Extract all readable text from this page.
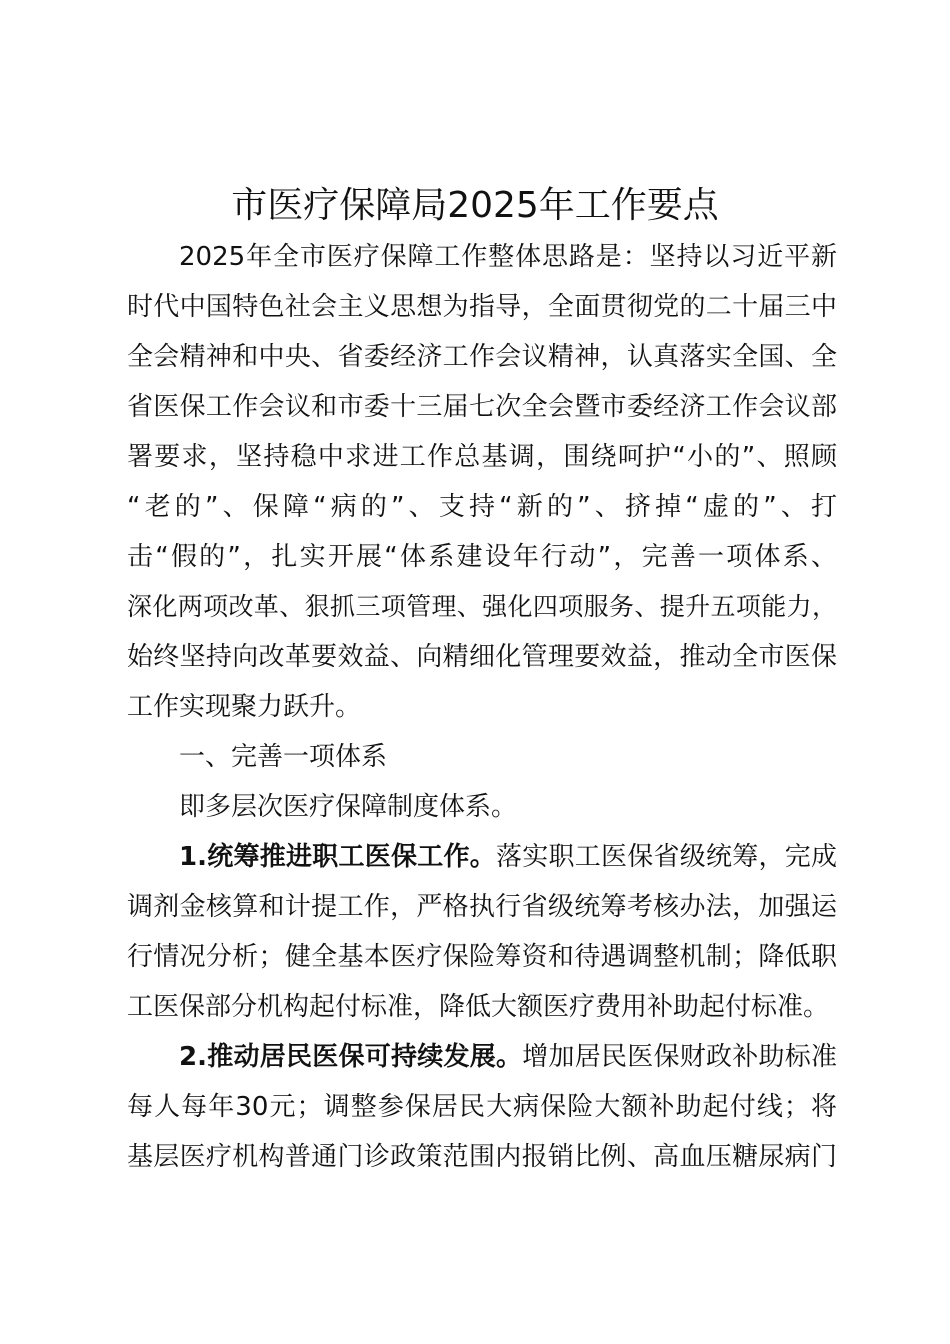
市医疗保障局2025年工作要点
2025年全市医疗保障工作整体思路是：坚持以习近平新
时代中国特色社会主义思想为指导，全面贯彻党的二十届三中
全会精神和中央、省委经济工作会议精神，认真落实全国、全
省医保工作会议和市委十三届七次全会暨市委经济工作会议部
署要求，坚持稳中求进工作总基调，围绕呵护“小的”、照顾
“老的”、保障“病的”、支持“新的”、挤掉“虚的”、打
击“假的”，扎实开展“体系建设年行动”，完善一项体系、
深化两项改革、狠抓三项管理、强化四项服务、提升五项能力，
始终坚持向改革要效益、向精细化管理要效益，推动全市医保
工作实现聚力跃升。
一、完善一项体系
即多层次医疗保障制度体系。
1.统筹推进职工医保工作。落实职工医保省级统筹，完成
调剂金核算和计提工作，严格执行省级统筹考核办法，加强运
行情况分析；健全基本医疗保险筹资和待遇调整机制；降低职
工医保部分机构起付标准，降低大额医疗费用补助起付标准。
2.推动居民医保可持续发展。增加居民医保财政补助标准
每人每年30元；调整参保居民大病保险大额补助起付线；将
基层医疗机构普通门诊政策范围内报销比例、高血压糖尿病门
